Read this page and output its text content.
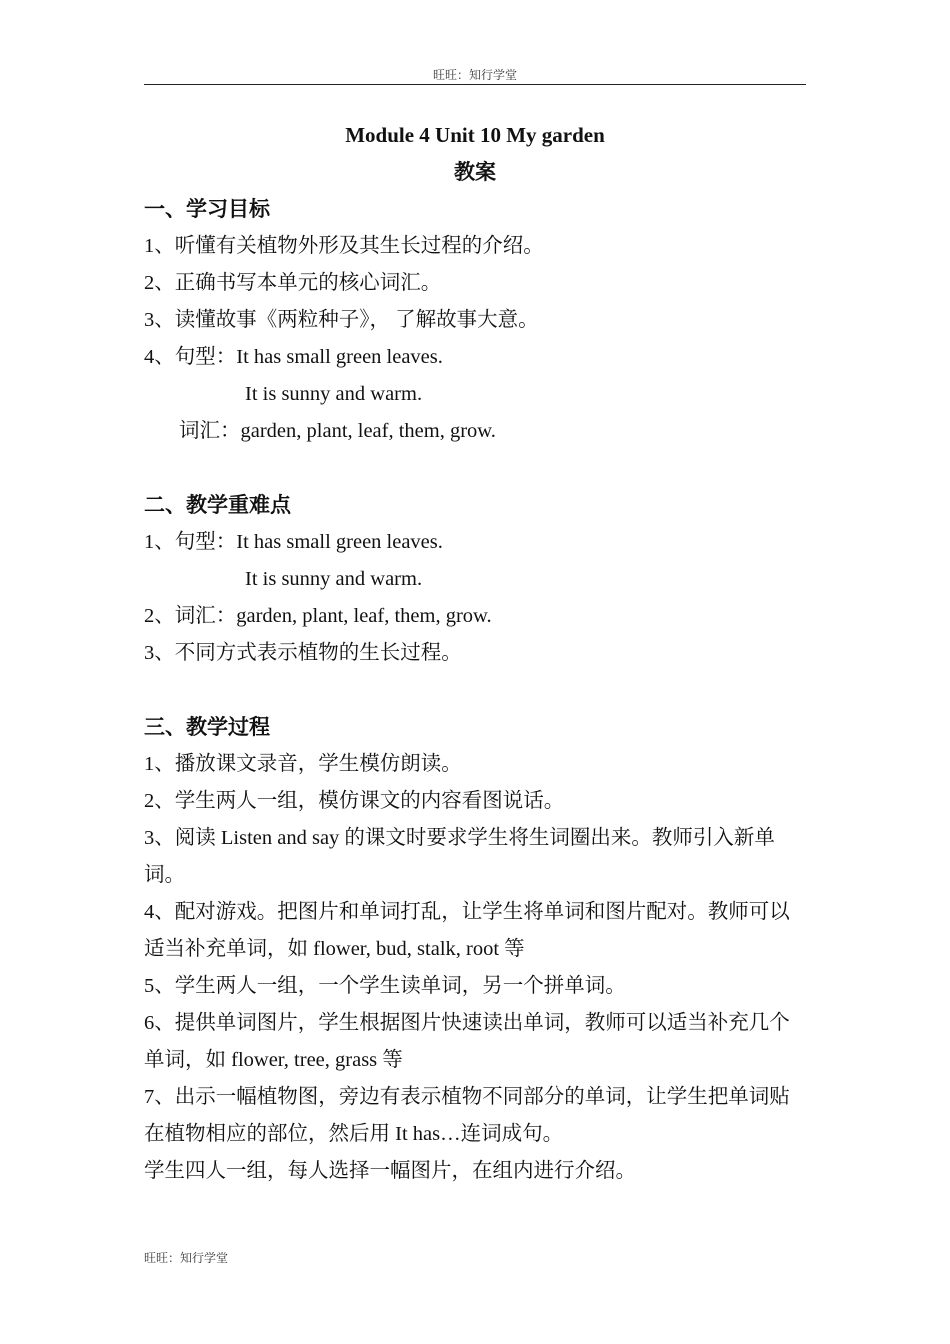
旺旺：知行学堂
Module 4 Unit 10 My garden
教案
一、学习目标
1、听懂有关植物外形及其生长过程的介绍。
2、正确书写本单元的核心词汇。
3、读懂故事《两粒种子》， 了解故事大意。
4、句型：It has small green leaves.
It is sunny and warm.
词汇：garden, plant, leaf, them, grow.
二、教学重难点
1、句型：It has small green leaves.
It is sunny and warm.
2、词汇：garden, plant, leaf, them, grow.
3、不同方式表示植物的生长过程。
三、教学过程
1、播放课文录音，学生模仿朗读。
2、学生两人一组，模仿课文的内容看图说话。
3、阅读 Listen and say 的课文时要求学生将生词圈出来。教师引入新单词。
4、配对游戏。把图片和单词打乱，让学生将单词和图片配对。教师可以适当补充单词，如 flower, bud, stalk, root 等
5、学生两人一组，一个学生读单词，另一个拼单词。
6、提供单词图片，学生根据图片快速读出单词，教师可以适当补充几个单词，如 flower, tree, grass 等
7、出示一幅植物图，旁边有表示植物不同部分的单词，让学生把单词贴在植物相应的部位，然后用 It has…连词成句。
学生四人一组，每人选择一幅图片，在组内进行介绍。
旺旺：知行学堂
